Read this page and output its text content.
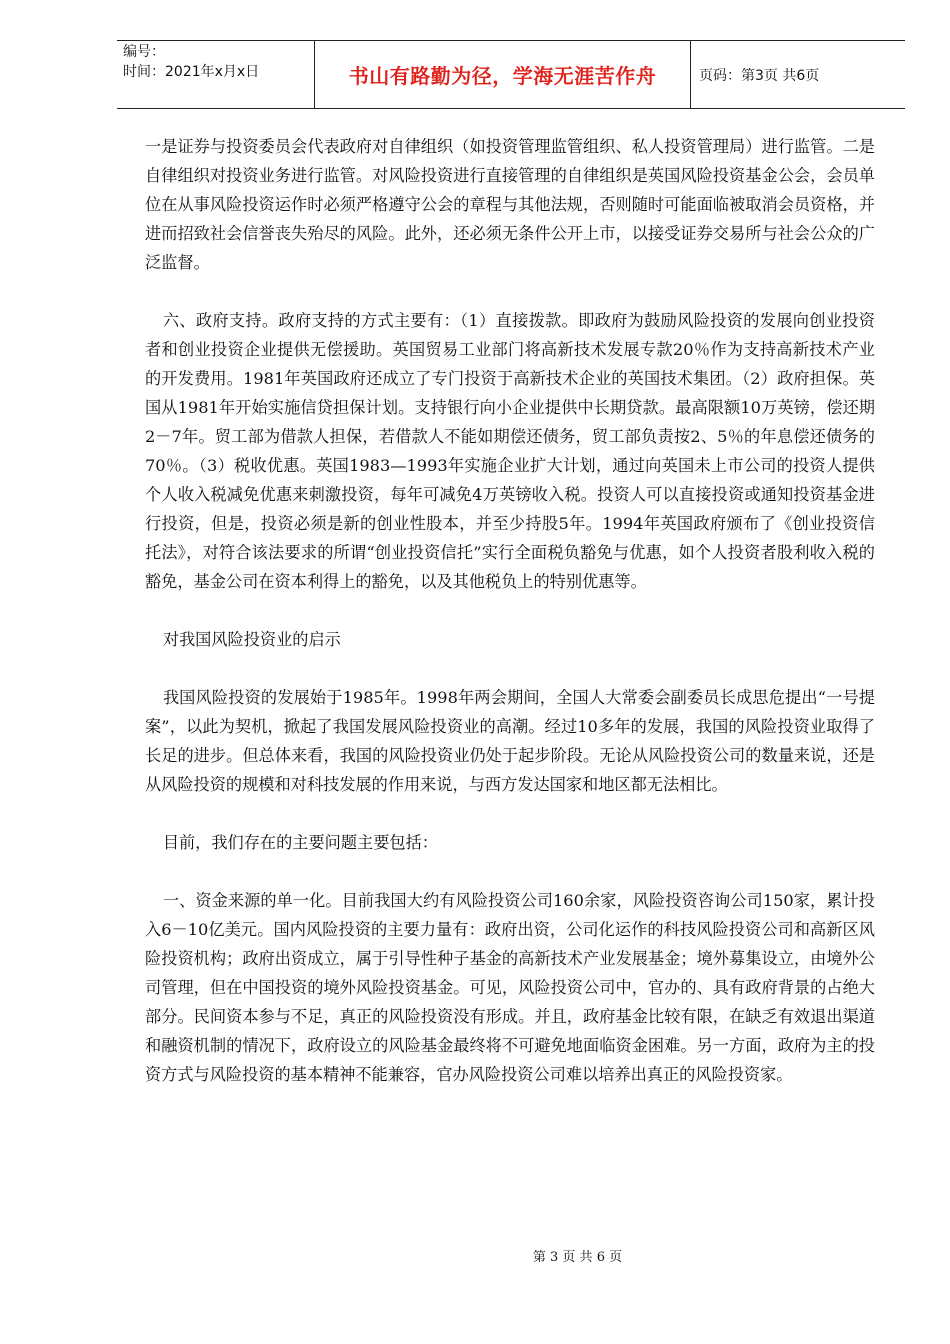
编号：
时间：2021年x月x日	书山有路勤为径，学海无涯苦作舟	页码：第3页 共6页

一是证券与投资委员会代表政府对自律组织（如投资管理监管组织、私人投资管理局）进行监管。二是自律组织对投资业务进行监管。对风险投资进行直接管理的自律组织是英国风险投资基金公会，会员单位在从事风险投资运作时必须严格遵守公会的章程与其他法规，否则随时可能面临被取消会员资格，并进而招致社会信誉丧失殆尽的风险。此外，还必须无条件公开上市，以接受证券交易所与社会公众的广泛监督。

六、政府支持。政府支持的方式主要有：（1）直接拨款。即政府为鼓励风险投资的发展向创业投资者和创业投资企业提供无偿援助。英国贸易工业部门将高新技术发展专款20％作为支持高新技术产业的开发费用。1981年英国政府还成立了专门投资于高新技术企业的英国技术集团。（2）政府担保。英国从1981年开始实施信贷担保计划。支持银行向小企业提供中长期贷款。最高限额10万英镑，偿还期2－7年。贸工部为借款人担保，若借款人不能如期偿还债务，贸工部负责按2、5％的年息偿还债务的70％。（3）税收优惠。英国1983—1993年实施企业扩大计划，通过向英国未上市公司的投资人提供个人收入税减免优惠来刺激投资，每年可减免4万英镑收入税。投资人可以直接投资或通知投资基金进行投资，但是，投资必须是新的创业性股本，并至少持股5年。1994年英国政府颁布了《创业投资信托法》，对符合该法要求的所谓“创业投资信托”实行全面税负豁免与优惠，如个人投资者股利收入税的豁免，基金公司在资本利得上的豁免，以及其他税负上的特别优惠等。

对我国风险投资业的启示

我国风险投资的发展始于1985年。1998年两会期间，全国人大常委会副委员长成思危提出“一号提案”，以此为契机，掀起了我国发展风险投资业的高潮。经过10多年的发展，我国的风险投资业取得了长足的进步。但总体来看，我国的风险投资业仍处于起步阶段。无论从风险投资公司的数量来说，还是从风险投资的规模和对科技发展的作用来说，与西方发达国家和地区都无法相比。

目前，我们存在的主要问题主要包括：

一、资金来源的单一化。目前我国大约有风险投资公司160余家，风险投资咨询公司150家，累计投入6－10亿美元。国内风险投资的主要力量有：政府出资，公司化运作的科技风险投资公司和高新区风险投资机构；政府出资成立，属于引导性种子基金的高新技术产业发展基金；境外募集设立，由境外公司管理，但在中国投资的境外风险投资基金。可见，风险投资公司中，官办的、具有政府背景的占绝大部分。民间资本参与不足，真正的风险投资没有形成。并且，政府基金比较有限，在缺乏有效退出渠道和融资机制的情况下，政府设立的风险基金最终将不可避免地面临资金困难。另一方面，政府为主的投资方式与风险投资的基本精神不能兼容，官办风险投资公司难以培养出真正的风险投资家。

第 3 页 共 6 页
